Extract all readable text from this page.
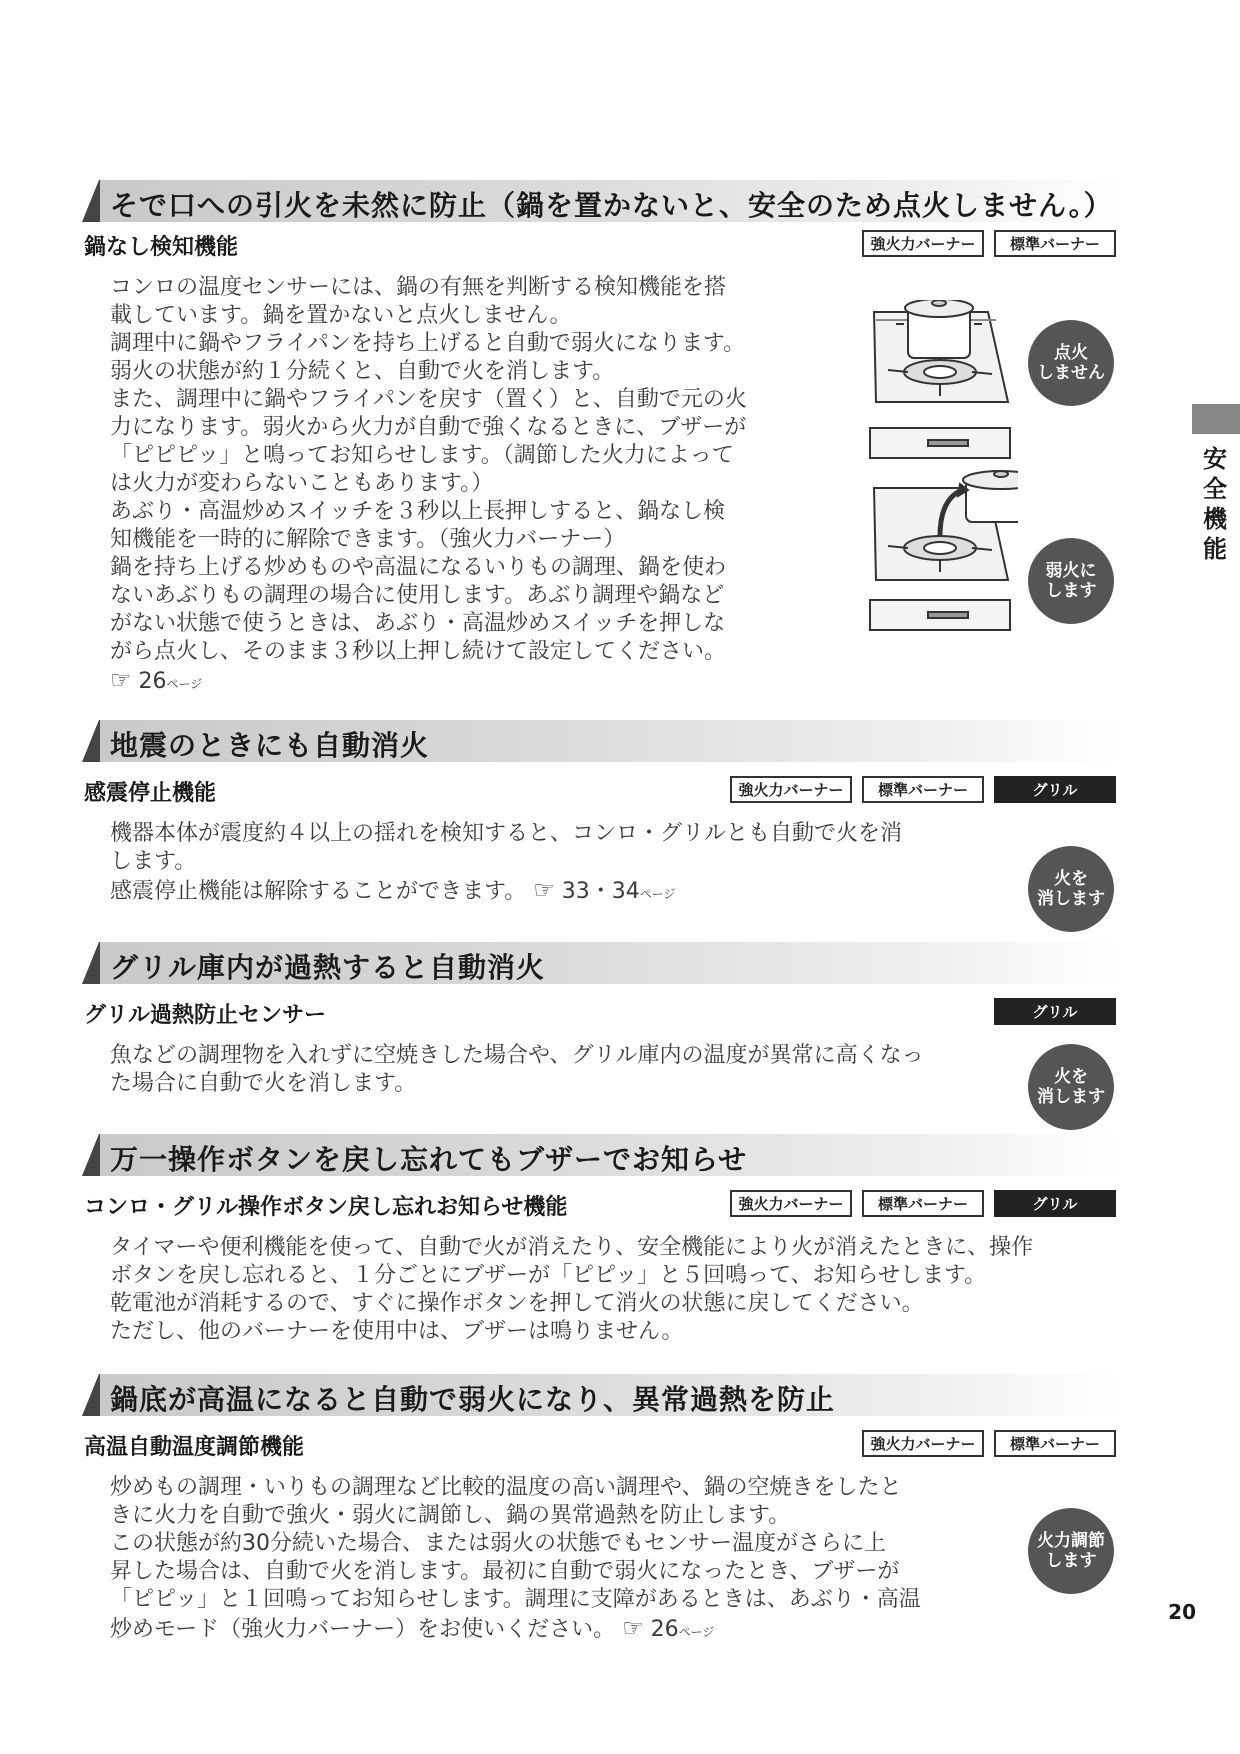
そで口への引火を未然に防止（鍋を置かないと、安全のため点火しません。）
鍋なし検知機能	強火力バーナー	標準バーナー

コンロの温度センサーには、鍋の有無を判断する検知機能を搭

載しています。鍋を置かないと点火しません。

調理中に鍋やフライパンを持ち上げると自動で弱火になります。

弱火の状態が約１分続くと、自動で火を消します。

また、調理中に鍋やフライパンを戻す（置く）と、自動で元の火

力になります。弱火から火力が自動で強くなるときに、ブザーが

「ピピピッ」と鳴ってお知らせします。（調節した火力によって

は火力が変わらないこともあります。）

あぶり・高温炒めスイッチを３秒以上長押しすると、鍋なし検

知機能を一時的に解除できます。（強火力バーナー）

鍋を持ち上げる炒めものや高温になるいりもの調理、鍋を使わ

ないあぶりもの調理の場合に使用します。あぶり調理や鍋など

がない状態で使うときは、あぶり・高温炒めスイッチを押しな

がら点火し、そのまま３秒以上押し続けて設定してください。

☞ 26ページ

点火
しません
弱火に
します
地震のときにも自動消火
感震停止機能	強火力バーナー	標準バーナー	グリル

機器本体が震度約４以上の揺れを検知すると、コンロ・グリルとも自動で火を消

します。

感震停止機能は解除することができます。 ☞ 33・34ページ

火を
消します
グリル庫内が過熱すると自動消火
グリル過熱防止センサー	グリル

魚などの調理物を入れずに空焼きした場合や、グリル庫内の温度が異常に高くなっ

た場合に自動で火を消します。	火を
消します
万一操作ボタンを戻し忘れてもブザーでお知らせ
コンロ・グリル操作ボタン戻し忘れお知らせ機能	強火力バーナー	標準バーナー	グリル

タイマーや便利機能を使って、自動で火が消えたり、安全機能により火が消えたときに、操作

ボタンを戻し忘れると、１分ごとにブザーが「ピピッ」と５回鳴って、お知らせします。

乾電池が消耗するので、すぐに操作ボタンを押して消火の状態に戻してください。

ただし、他のバーナーを使用中は、ブザーは鳴りません。

鍋底が高温になると自動で弱火になり、異常過熱を防止
高温自動温度調節機能	強火力バーナー	標準バーナー

炒めもの調理・いりもの調理など比較的温度の高い調理や、鍋の空焼きをしたと

きに火力を自動で強火・弱火に調節し、鍋の異常過熱を防止します。

この状態が約30分続いた場合、または弱火の状態でもセンサー温度がさらに上

昇した場合は、自動で火を消します。最初に自動で弱火になったとき、ブザーが

「ピピッ」と１回鳴ってお知らせします。調理に支障があるときは、あぶり・高温

炒めモード（強火力バーナー）をお使いください。 ☞ 26ページ

火力調節
します
安全機能
20
